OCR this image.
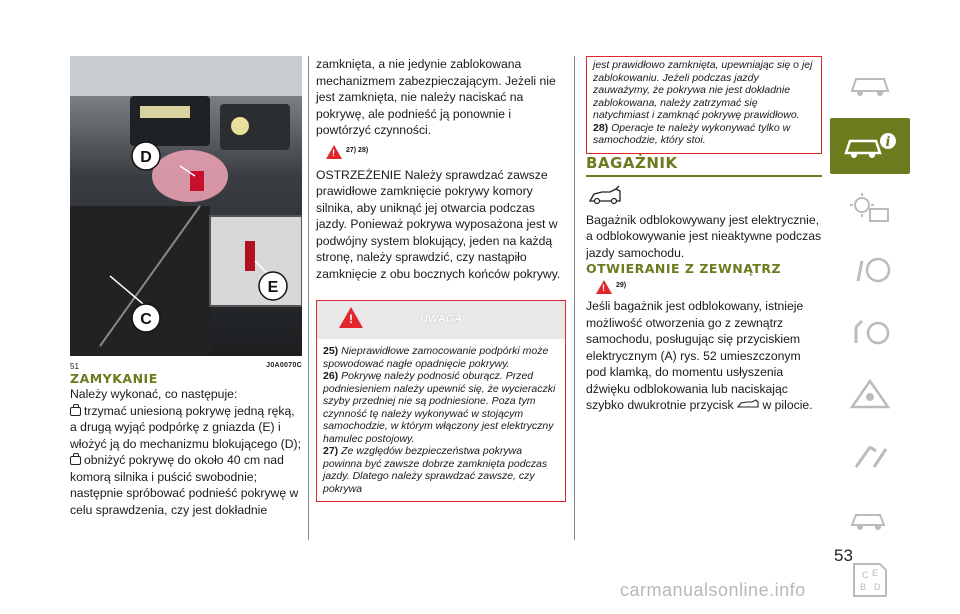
D
E
C
51	J0A0070C
ZAMYKANIE

Należy wykonać, co następuje:

trzymać uniesioną pokrywę jedną ręką, a drugą wyjąć podpórkę z gniazda (E) i włożyć ją do mechanizmu blokującego (D);

obniżyć pokrywę do około 40 cm nad komorą silnika i puścić swobodnie;

następnie spróbować podnieść pokrywę w celu sprawdzenia, czy jest dokładnie

zamknięta, a nie jedynie zablokowana mechanizmem zabezpieczającym. Jeżeli nie jest zamknięta, nie należy naciskać na pokrywę, ale podnieść ją ponownie i powtórzyć czynności.

! 27) 28)

OSTRZEŻENIE Należy sprawdzać zawsze prawidłowe zamknięcie pokrywy komory silnika, aby uniknąć jej otwarcia podczas jazdy. Ponieważ pokrywa wyposażona jest w podwójny system blokujący, jeden na każdą stronę, należy sprawdzić, czy nastąpiło zamknięcie z obu bocznych końców pokrywy.

!	UWAGA

25) Nieprawidłowe zamocowanie podpórki może spowodować nagłe opadnięcie pokrywy.

26) Pokrywę należy podnosić oburącz. Przed podniesieniem należy upewnić się, że wycieraczki szyby przedniej nie są podniesione. Poza tym czynność tę należy wykonywać w stojącym samochodzie, w którym włączony jest elektryczny hamulec postojowy.

27) Ze względów bezpieczeństwa pokrywa powinna być zawsze dobrze zamknięta podczas jazdy. Dlatego należy sprawdzać zawsze, czy pokrywa

jest prawidłowo zamknięta, upewniając się o jej zablokowaniu. Jeżeli podczas jazdy zauważymy, że pokrywa nie jest dokładnie zablokowana, należy zatrzymać się natychmiast i zamknąć pokrywę prawidłowo.

28) Operacje te należy wykonywać tylko w samochodzie, który stoi.

BAGAŻNIK

Bagażnik odblokowywany jest elektrycznie, a odblokowywanie jest nieaktywne podczas jazdy samochodu.

OTWIERANIE Z ZEWNĄTRZ
! 29)

Jeśli bagażnik jest odblokowany, istnieje możliwość otworzenia go z zewnątrz samochodu, posługując się przyciskiem elektrycznym (A) rys. 52 umieszczonym pod klamką, do momentu usłyszenia dźwięku odblokowania lub naciskając szybko dwukrotnie przycisk w pilocie.

i
C E
B D
53
carmanualsonline.info
